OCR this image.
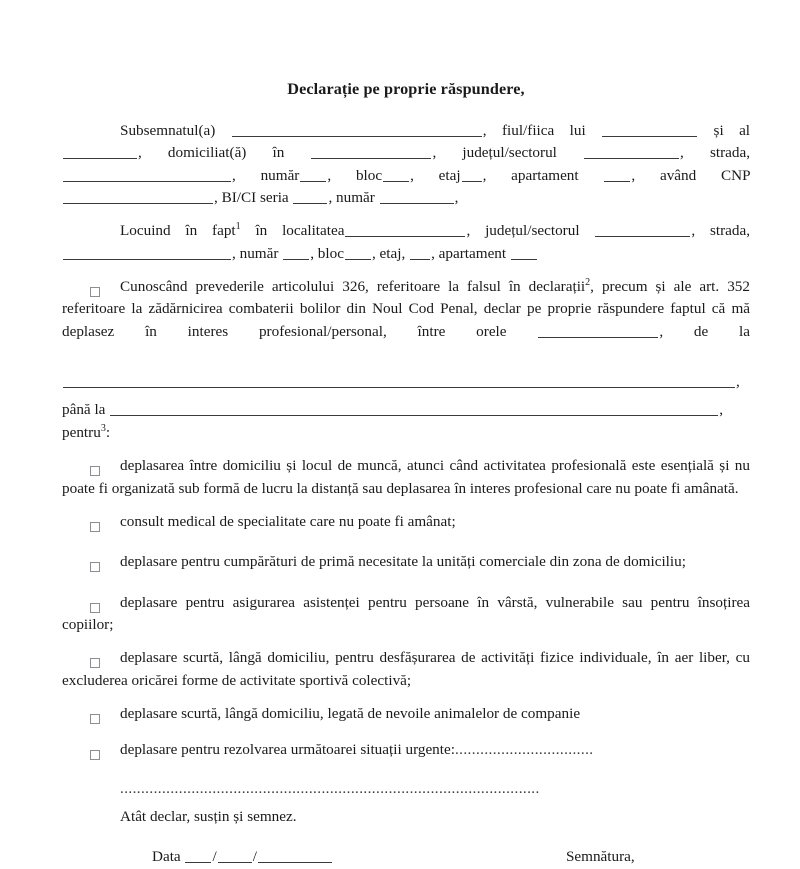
Declarație pe proprie răspundere,

Subsemnatul(a)	, fiul/fiica lui	și al , domiciliat(ă) în	, județul/sectorul	, strada, , număr , bloc , etaj , apartament	, având CNP , BI/CI seria	, număr	,

Locuind în fapt$^1$ în localitatea	, județul/sectorul	, strada, , număr , bloc , etaj, , apartament

Cunoscând prevederile articolului 326, referitoare la falsul în declarații$^2$, precum și ale art. 352 referitoare la zădărnicirea combaterii bolilor din Noul Cod Penal, declar pe proprie răspundere faptul că mă deplasez în interes profesional/personal, între orele	, de la

,

până la	,

pentru$^3$:

deplasarea între domiciliu și locul de muncă, atunci când activitatea profesională este esențială și nu poate fi organizată sub formă de lucru la distanță sau deplasarea în interes profesional care nu poate fi amânată.
consult medical de specialitate care nu poate fi amânat;
deplasare pentru cumpărături de primă necesitate la unități comerciale din zona de domiciliu;
deplasare pentru asigurarea asistenței pentru persoane în vârstă, vulnerabile sau pentru însoțirea copiilor;
deplasare scurtă, lângă domiciliu, pentru desfășurarea de activități fizice individuale, în aer liber, cu excluderea oricărei forme de activitate sportivă colectivă;
deplasare scurtă, lângă domiciliu, legată de nevoile animalelor de companie
deplasare pentru rezolvarea următoarei situații urgente:.................................

....................................................................................................

Atât declar, susțin și semnez.

Data / /	Semnătura,
